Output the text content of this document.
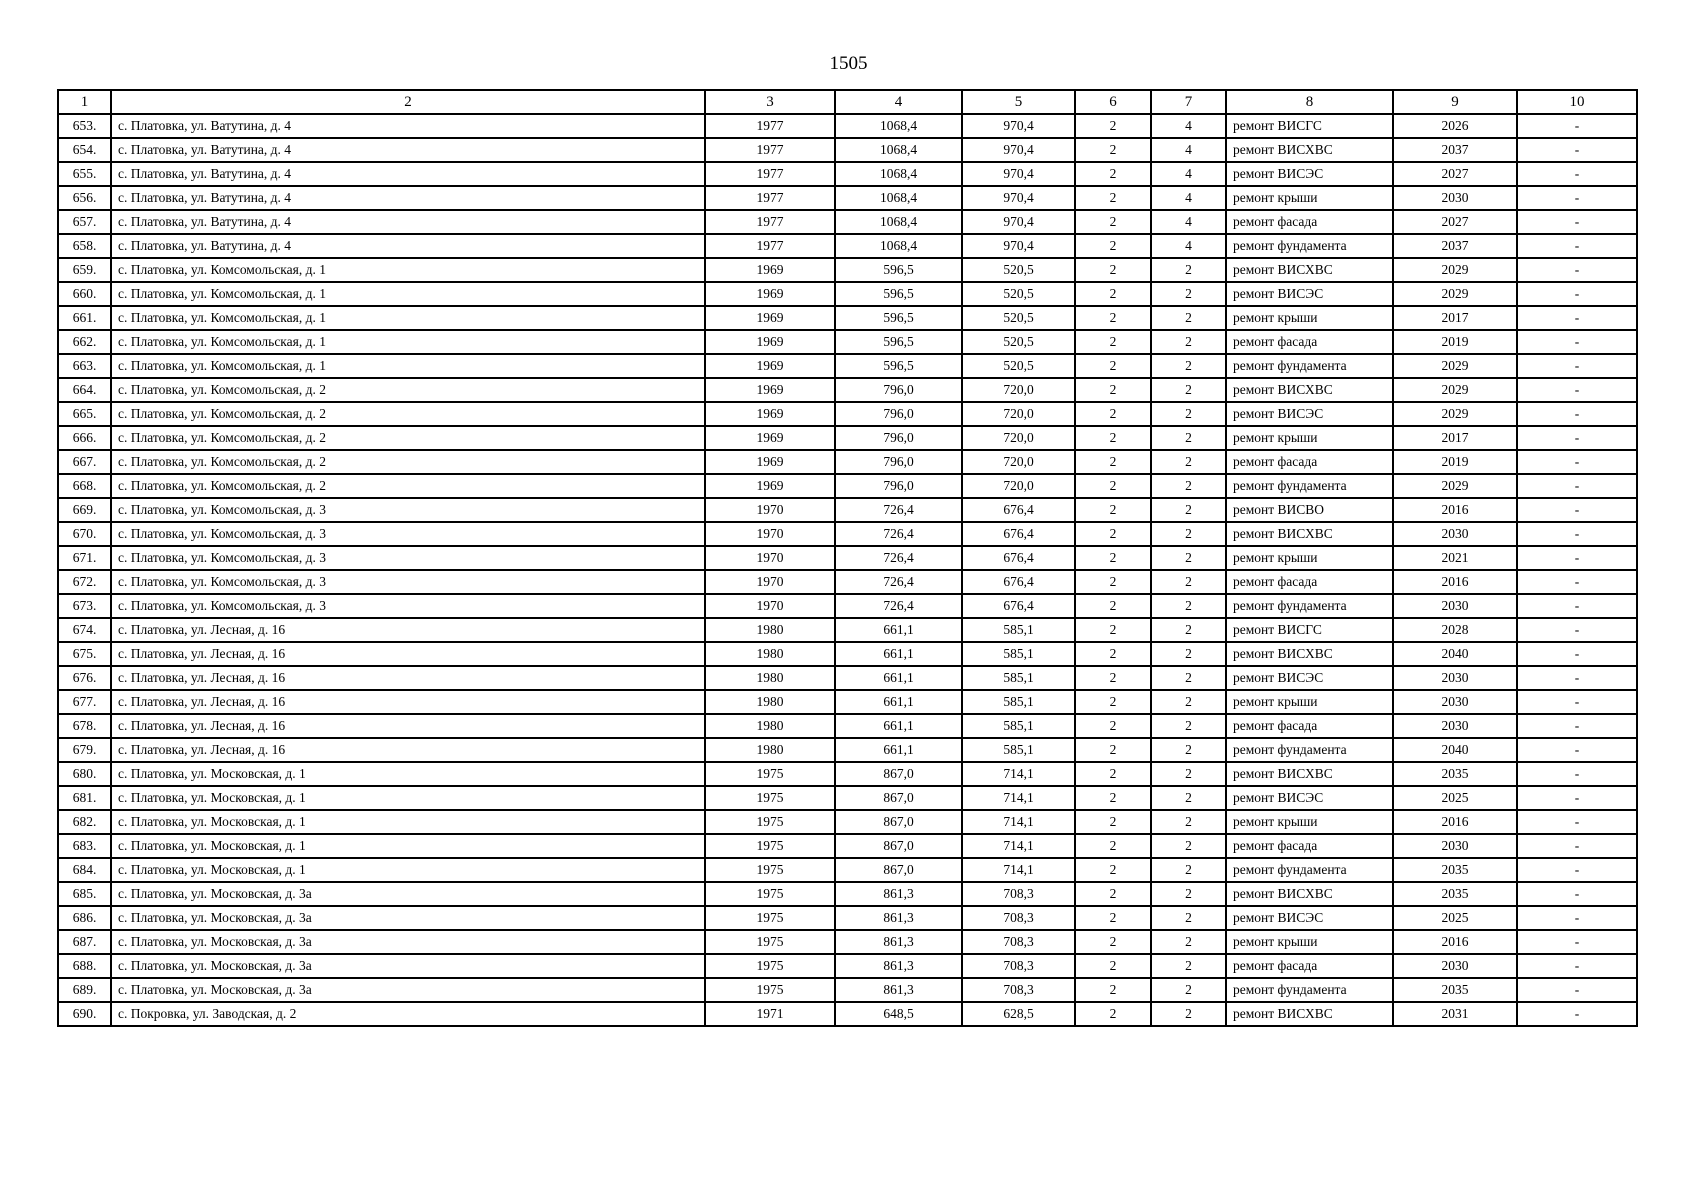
1505
1	2	3	4	5	6	7	8	9	10
653.	с. Платовка, ул. Ватутина, д. 4	1977	1068,4	970,4	2	4	ремонт ВИСГС	2026	-
654.	с. Платовка, ул. Ватутина, д. 4	1977	1068,4	970,4	2	4	ремонт ВИСХВС	2037	-
655.	с. Платовка, ул. Ватутина, д. 4	1977	1068,4	970,4	2	4	ремонт ВИСЭС	2027	-
656.	с. Платовка, ул. Ватутина, д. 4	1977	1068,4	970,4	2	4	ремонт крыши	2030	-
657.	с. Платовка, ул. Ватутина, д. 4	1977	1068,4	970,4	2	4	ремонт фасада	2027	-
658.	с. Платовка, ул. Ватутина, д. 4	1977	1068,4	970,4	2	4	ремонт фундамента	2037	-
659.	с. Платовка, ул. Комсомольская, д. 1	1969	596,5	520,5	2	2	ремонт ВИСХВС	2029	-
660.	с. Платовка, ул. Комсомольская, д. 1	1969	596,5	520,5	2	2	ремонт ВИСЭС	2029	-
661.	с. Платовка, ул. Комсомольская, д. 1	1969	596,5	520,5	2	2	ремонт крыши	2017	-
662.	с. Платовка, ул. Комсомольская, д. 1	1969	596,5	520,5	2	2	ремонт фасада	2019	-
663.	с. Платовка, ул. Комсомольская, д. 1	1969	596,5	520,5	2	2	ремонт фундамента	2029	-
664.	с. Платовка, ул. Комсомольская, д. 2	1969	796,0	720,0	2	2	ремонт ВИСХВС	2029	-
665.	с. Платовка, ул. Комсомольская, д. 2	1969	796,0	720,0	2	2	ремонт ВИСЭС	2029	-
666.	с. Платовка, ул. Комсомольская, д. 2	1969	796,0	720,0	2	2	ремонт крыши	2017	-
667.	с. Платовка, ул. Комсомольская, д. 2	1969	796,0	720,0	2	2	ремонт фасада	2019	-
668.	с. Платовка, ул. Комсомольская, д. 2	1969	796,0	720,0	2	2	ремонт фундамента	2029	-
669.	с. Платовка, ул. Комсомольская, д. 3	1970	726,4	676,4	2	2	ремонт ВИСВО	2016	-
670.	с. Платовка, ул. Комсомольская, д. 3	1970	726,4	676,4	2	2	ремонт ВИСХВС	2030	-
671.	с. Платовка, ул. Комсомольская, д. 3	1970	726,4	676,4	2	2	ремонт крыши	2021	-
672.	с. Платовка, ул. Комсомольская, д. 3	1970	726,4	676,4	2	2	ремонт фасада	2016	-
673.	с. Платовка, ул. Комсомольская, д. 3	1970	726,4	676,4	2	2	ремонт фундамента	2030	-
674.	с. Платовка, ул. Лесная, д. 16	1980	661,1	585,1	2	2	ремонт ВИСГС	2028	-
675.	с. Платовка, ул. Лесная, д. 16	1980	661,1	585,1	2	2	ремонт ВИСХВС	2040	-
676.	с. Платовка, ул. Лесная, д. 16	1980	661,1	585,1	2	2	ремонт ВИСЭС	2030	-
677.	с. Платовка, ул. Лесная, д. 16	1980	661,1	585,1	2	2	ремонт крыши	2030	-
678.	с. Платовка, ул. Лесная, д. 16	1980	661,1	585,1	2	2	ремонт фасада	2030	-
679.	с. Платовка, ул. Лесная, д. 16	1980	661,1	585,1	2	2	ремонт фундамента	2040	-
680.	с. Платовка, ул. Московская, д. 1	1975	867,0	714,1	2	2	ремонт ВИСХВС	2035	-
681.	с. Платовка, ул. Московская, д. 1	1975	867,0	714,1	2	2	ремонт ВИСЭС	2025	-
682.	с. Платовка, ул. Московская, д. 1	1975	867,0	714,1	2	2	ремонт крыши	2016	-
683.	с. Платовка, ул. Московская, д. 1	1975	867,0	714,1	2	2	ремонт фасада	2030	-
684.	с. Платовка, ул. Московская, д. 1	1975	867,0	714,1	2	2	ремонт фундамента	2035	-
685.	с. Платовка, ул. Московская, д. 3а	1975	861,3	708,3	2	2	ремонт ВИСХВС	2035	-
686.	с. Платовка, ул. Московская, д. 3а	1975	861,3	708,3	2	2	ремонт ВИСЭС	2025	-
687.	с. Платовка, ул. Московская, д. 3а	1975	861,3	708,3	2	2	ремонт крыши	2016	-
688.	с. Платовка, ул. Московская, д. 3а	1975	861,3	708,3	2	2	ремонт фасада	2030	-
689.	с. Платовка, ул. Московская, д. 3а	1975	861,3	708,3	2	2	ремонт фундамента	2035	-
690.	с. Покровка, ул. Заводская, д. 2	1971	648,5	628,5	2	2	ремонт ВИСХВС	2031	-
